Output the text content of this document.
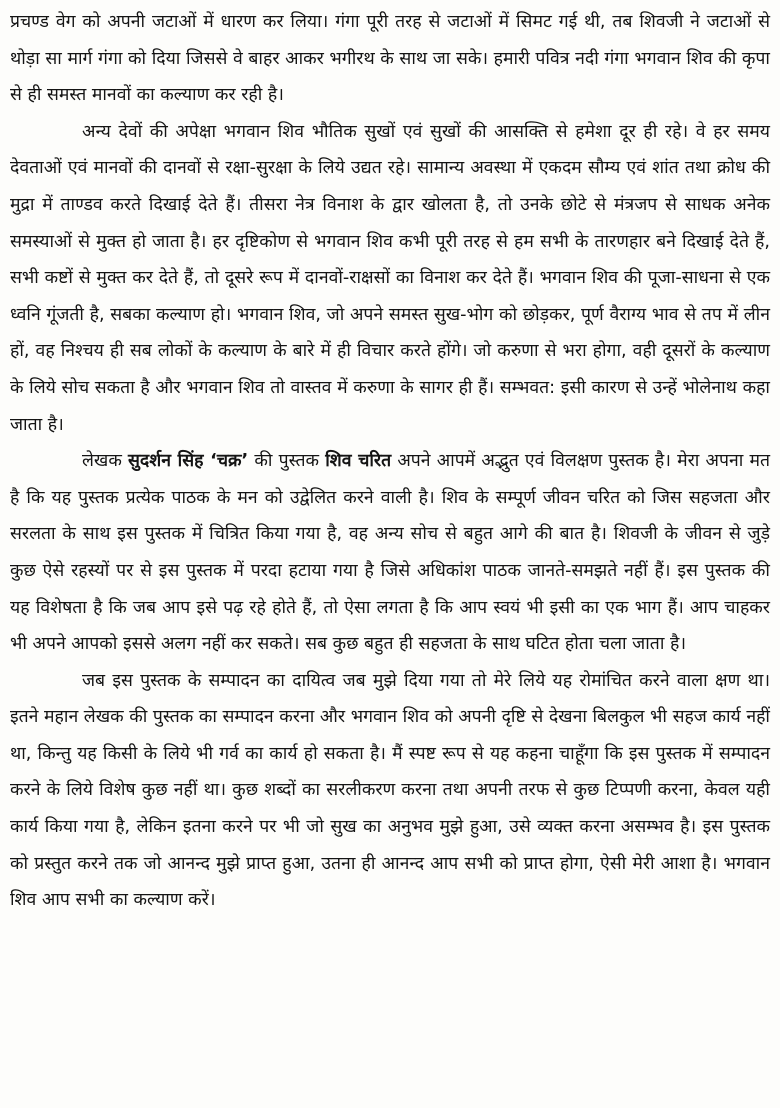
प्रचण्ड वेग को अपनी जटाओं में धारण कर लिया। गंगा पूरी तरह से जटाओं में सिमट गई थी, तब शिवजी ने जटाओं से थोड़ा सा मार्ग गंगा को दिया जिससे वे बाहर आकर भगीरथ के साथ जा सके। हमारी पवित्र नदी गंगा भगवान शिव की कृपा से ही समस्त मानवों का कल्याण कर रही है।

अन्य देवों की अपेक्षा भगवान शिव भौतिक सुखों एवं सुखों की आसक्ति से हमेशा दूर ही रहे। वे हर समय देवताओं एवं मानवों की दानवों से रक्षा-सुरक्षा के लिये उद्यत रहे। सामान्य अवस्था में एकदम सौम्य एवं शांत तथा क्रोध की मुद्रा में ताण्डव करते दिखाई देते हैं। तीसरा नेत्र विनाश के द्वार खोलता है, तो उनके छोटे से मंत्रजप से साधक अनेक समस्याओं से मुक्त हो जाता है। हर दृष्टिकोण से भगवान शिव कभी पूरी तरह से हम सभी के तारणहार बने दिखाई देते हैं, सभी कष्टों से मुक्त कर देते हैं, तो दूसरे रूप में दानवों-राक्षसों का विनाश कर देते हैं। भगवान शिव की पूजा-साधना से एक ध्वनि गूंजती है, सबका कल्याण हो। भगवान शिव, जो अपने समस्त सुख-भोग को छोड़कर, पूर्ण वैराग्य भाव से तप में लीन हों, वह निश्चय ही सब लोकों के कल्याण के बारे में ही विचार करते होंगे। जो करुणा से भरा होगा, वही दूसरों के कल्याण के लिये सोच सकता है और भगवान शिव तो वास्तव में करुणा के सागर ही हैं। सम्भवत: इसी कारण से उन्हें भोलेनाथ कहा जाता है।

लेखक सुदर्शन सिंह ‘चक्र’ की पुस्तक शिव चरित अपने आपमें अद्भुत एवं विलक्षण पुस्तक है। मेरा अपना मत है कि यह पुस्तक प्रत्येक पाठक के मन को उद्वेलित करने वाली है। शिव के सम्पूर्ण जीवन चरित को जिस सहजता और सरलता के साथ इस पुस्तक में चित्रित किया गया है, वह अन्य सोच से बहुत आगे की बात है। शिवजी के जीवन से जुड़े कुछ ऐसे रहस्यों पर से इस पुस्तक में परदा हटाया गया है जिसे अधिकांश पाठक जानते-समझते नहीं हैं। इस पुस्तक की यह विशेषता है कि जब आप इसे पढ़ रहे होते हैं, तो ऐसा लगता है कि आप स्वयं भी इसी का एक भाग हैं। आप चाहकर भी अपने आपको इससे अलग नहीं कर सकते। सब कुछ बहुत ही सहजता के साथ घटित होता चला जाता है।

जब इस पुस्तक के सम्पादन का दायित्व जब मुझे दिया गया तो मेरे लिये यह रोमांचित करने वाला क्षण था। इतने महान लेखक की पुस्तक का सम्पादन करना और भगवान शिव को अपनी दृष्टि से देखना बिलकुल भी सहज कार्य नहीं था, किन्तु यह किसी के लिये भी गर्व का कार्य हो सकता है। मैं स्पष्ट रूप से यह कहना चाहूँगा कि इस पुस्तक में सम्पादन करने के लिये विशेष कुछ नहीं था। कुछ शब्दों का सरलीकरण करना तथा अपनी तरफ से कुछ टिप्पणी करना, केवल यही कार्य किया गया है, लेकिन इतना करने पर भी जो सुख का अनुभव मुझे हुआ, उसे व्यक्त करना असम्भव है। इस पुस्तक को प्रस्तुत करने तक जो आनन्द मुझे प्राप्त हुआ, उतना ही आनन्द आप सभी को प्राप्त होगा, ऐसी मेरी आशा है। भगवान शिव आप सभी का कल्याण करें।
